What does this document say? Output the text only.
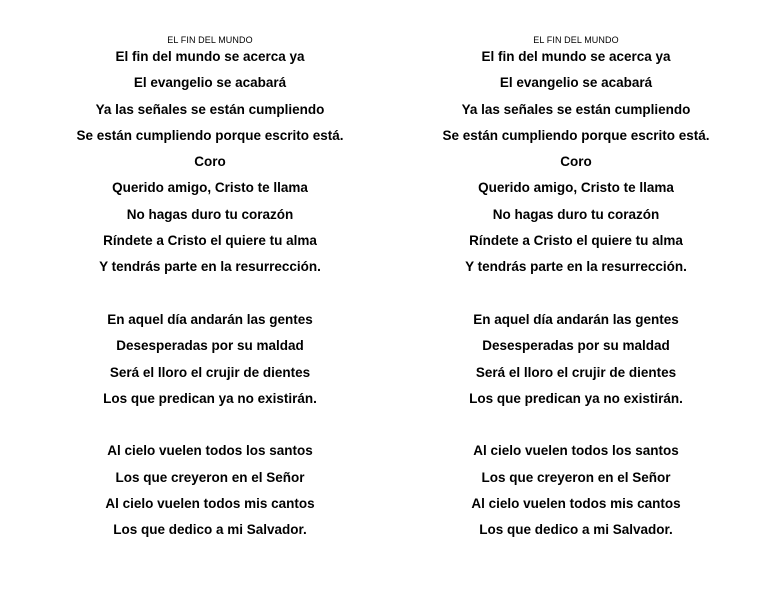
EL FIN DEL MUNDO
El fin del mundo se acerca ya
El evangelio se acabará
Ya las señales se están cumpliendo
Se están cumpliendo porque escrito está.
Coro
Querido amigo, Cristo te llama
No hagas duro tu corazón
Ríndete a Cristo el quiere tu alma
Y tendrás parte en la resurrección.
En aquel día andarán las gentes
Desesperadas por su maldad
Será el lloro el crujir de dientes
Los que predican ya no existirán.
Al cielo vuelen todos los santos
Los que creyeron en el Señor
Al cielo vuelen todos mis cantos
Los que dedico a mi Salvador.
EL FIN DEL MUNDO
El fin del mundo se acerca ya
El evangelio se acabará
Ya las señales se están cumpliendo
Se están cumpliendo porque escrito está.
Coro
Querido amigo, Cristo te llama
No hagas duro tu corazón
Ríndete a Cristo el quiere tu alma
Y tendrás parte en la resurrección.
En aquel día andarán las gentes
Desesperadas por su maldad
Será el lloro el crujir de dientes
Los que predican ya no existirán.
Al cielo vuelen todos los santos
Los que creyeron en el Señor
Al cielo vuelen todos mis cantos
Los que dedico a mi Salvador.
